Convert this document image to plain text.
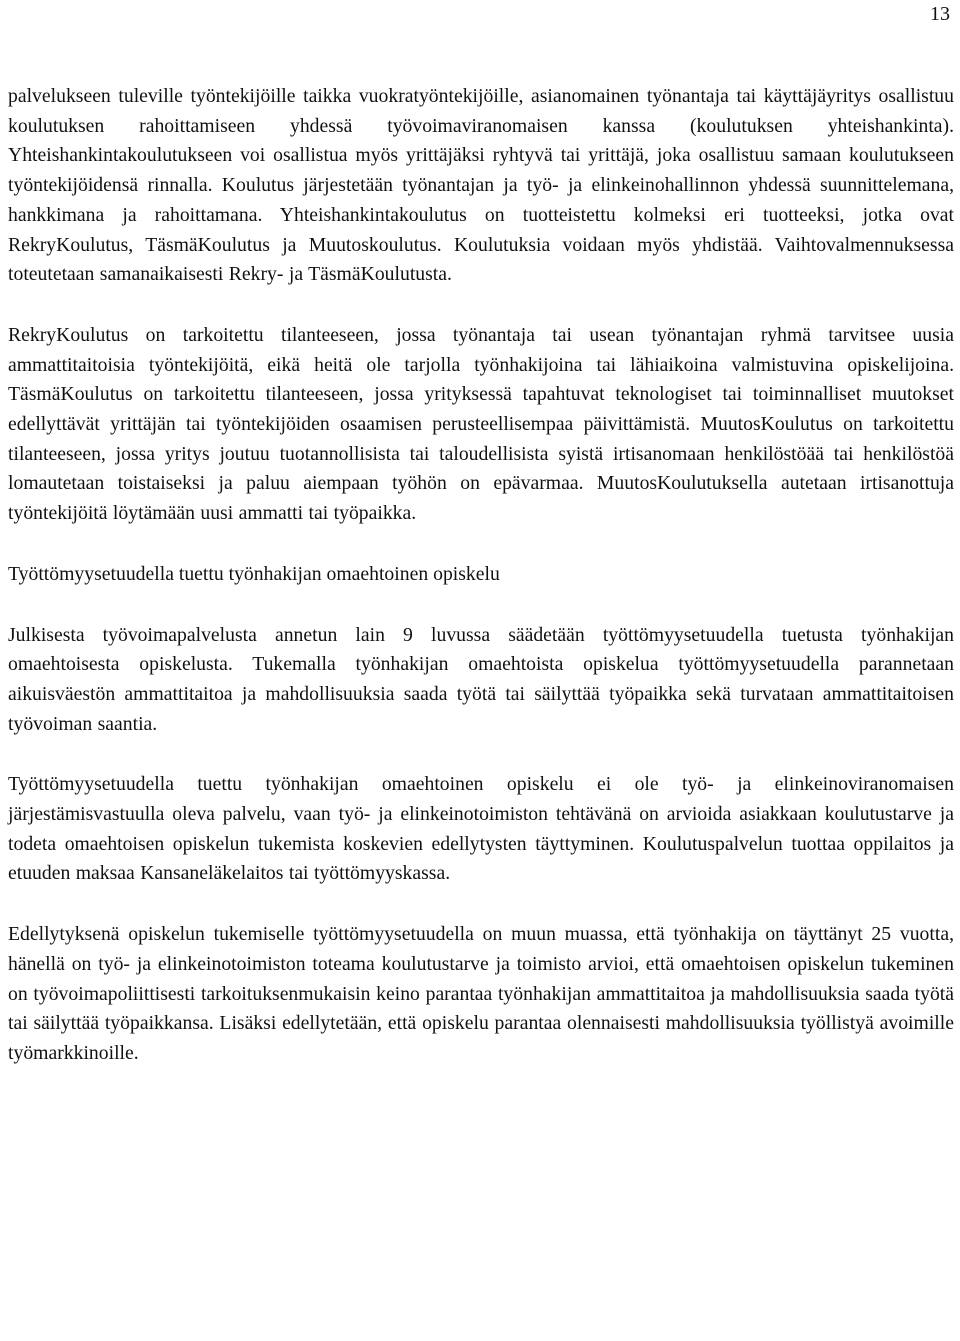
13

palvelukseen tuleville työntekijöille taikka vuokratyöntekijöille, asianomainen työnantaja tai käyttäjäyritys osallistuu koulutuksen rahoittamiseen yhdessä työvoimaviranomaisen kanssa (koulutuksen yhteishankinta). Yhteishankintakoulutukseen voi osallistua myös yrittäjäksi ryhtyvä tai yrittäjä, joka osallistuu samaan koulutukseen työntekijöidensä rinnalla. Koulutus järjestetään työnantajan ja työ- ja elinkeinohallinnon yhdessä suunnittelemana, hankkimana ja rahoittamana. Yhteishankintakoulutus on tuotteistettu kolmeksi eri tuotteeksi, jotka ovat RekryKoulutus, TäsmäKoulutus ja Muutoskoulutus. Koulutuksia voidaan myös yhdistää. Vaihtovalmennuksessa toteutetaan samanaikaisesti Rekry- ja TäsmäKoulutusta.

RekryKoulutus on tarkoitettu tilanteeseen, jossa työnantaja tai usean työnantajan ryhmä tarvitsee uusia ammattitaitoisia työntekijöitä, eikä heitä ole tarjolla työnhakijoina tai lähiaikoina valmistuvina opiskelijoina. TäsmäKoulutus on tarkoitettu tilanteeseen, jossa yrityksessä tapahtuvat teknologiset tai toiminnalliset muutokset edellyttävät yrittäjän tai työntekijöiden osaamisen perusteellisempaa päivittämistä. MuutosKoulutus on tarkoitettu tilanteeseen, jossa yritys joutuu tuotannollisista tai taloudellisista syistä irtisanomaan henkilöstöää tai henkilöstöä lomautetaan toistaiseksi ja paluu aiempaan työhön on epävarmaa. MuutosKoulutuksella autetaan irtisanottuja työntekijöitä löytämään uusi ammatti tai työpaikka.

Työttömyysetuudella tuettu työnhakijan omaehtoinen opiskelu

Julkisesta työvoimapalvelusta annetun lain 9 luvussa säädetään työttömyysetuudella tuetusta työnhakijan omaehtoisesta opiskelusta. Tukemalla työnhakijan omaehtoista opiskelua työttömyysetuudella parannetaan aikuisväestön ammattitaitoa ja mahdollisuuksia saada työtä tai säilyttää työpaikka sekä turvataan ammattitaitoisen työvoiman saantia.

Työttömyysetuudella tuettu työnhakijan omaehtoinen opiskelu ei ole työ- ja elinkeinoviranomaisen järjestämisvastuulla oleva palvelu, vaan työ- ja elinkeinotoimiston tehtävänä on arvioida asiakkaan koulutustarve ja todeta omaehtoisen opiskelun tukemista koskevien edellytysten täyttyminen. Koulutuspalvelun tuottaa oppilaitos ja etuuden maksaa Kansaneläkelaitos tai työttömyyskassa.

Edellytyksenä opiskelun tukemiselle työttömyysetuudella on muun muassa, että työnhakija on täyttänyt 25 vuotta, hänellä on työ- ja elinkeinotoimiston toteama koulutustarve ja toimisto arvioi, että omaehtoisen opiskelun tukeminen on työvoimapoliittisesti tarkoituksenmukaisin keino parantaa työnhakijan ammattitaitoa ja mahdollisuuksia saada työtä tai säilyttää työpaikkansa. Lisäksi edellytetään, että opiskelu parantaa olennaisesti mahdollisuuksia työllistyä avoimille työmarkkinoille.
